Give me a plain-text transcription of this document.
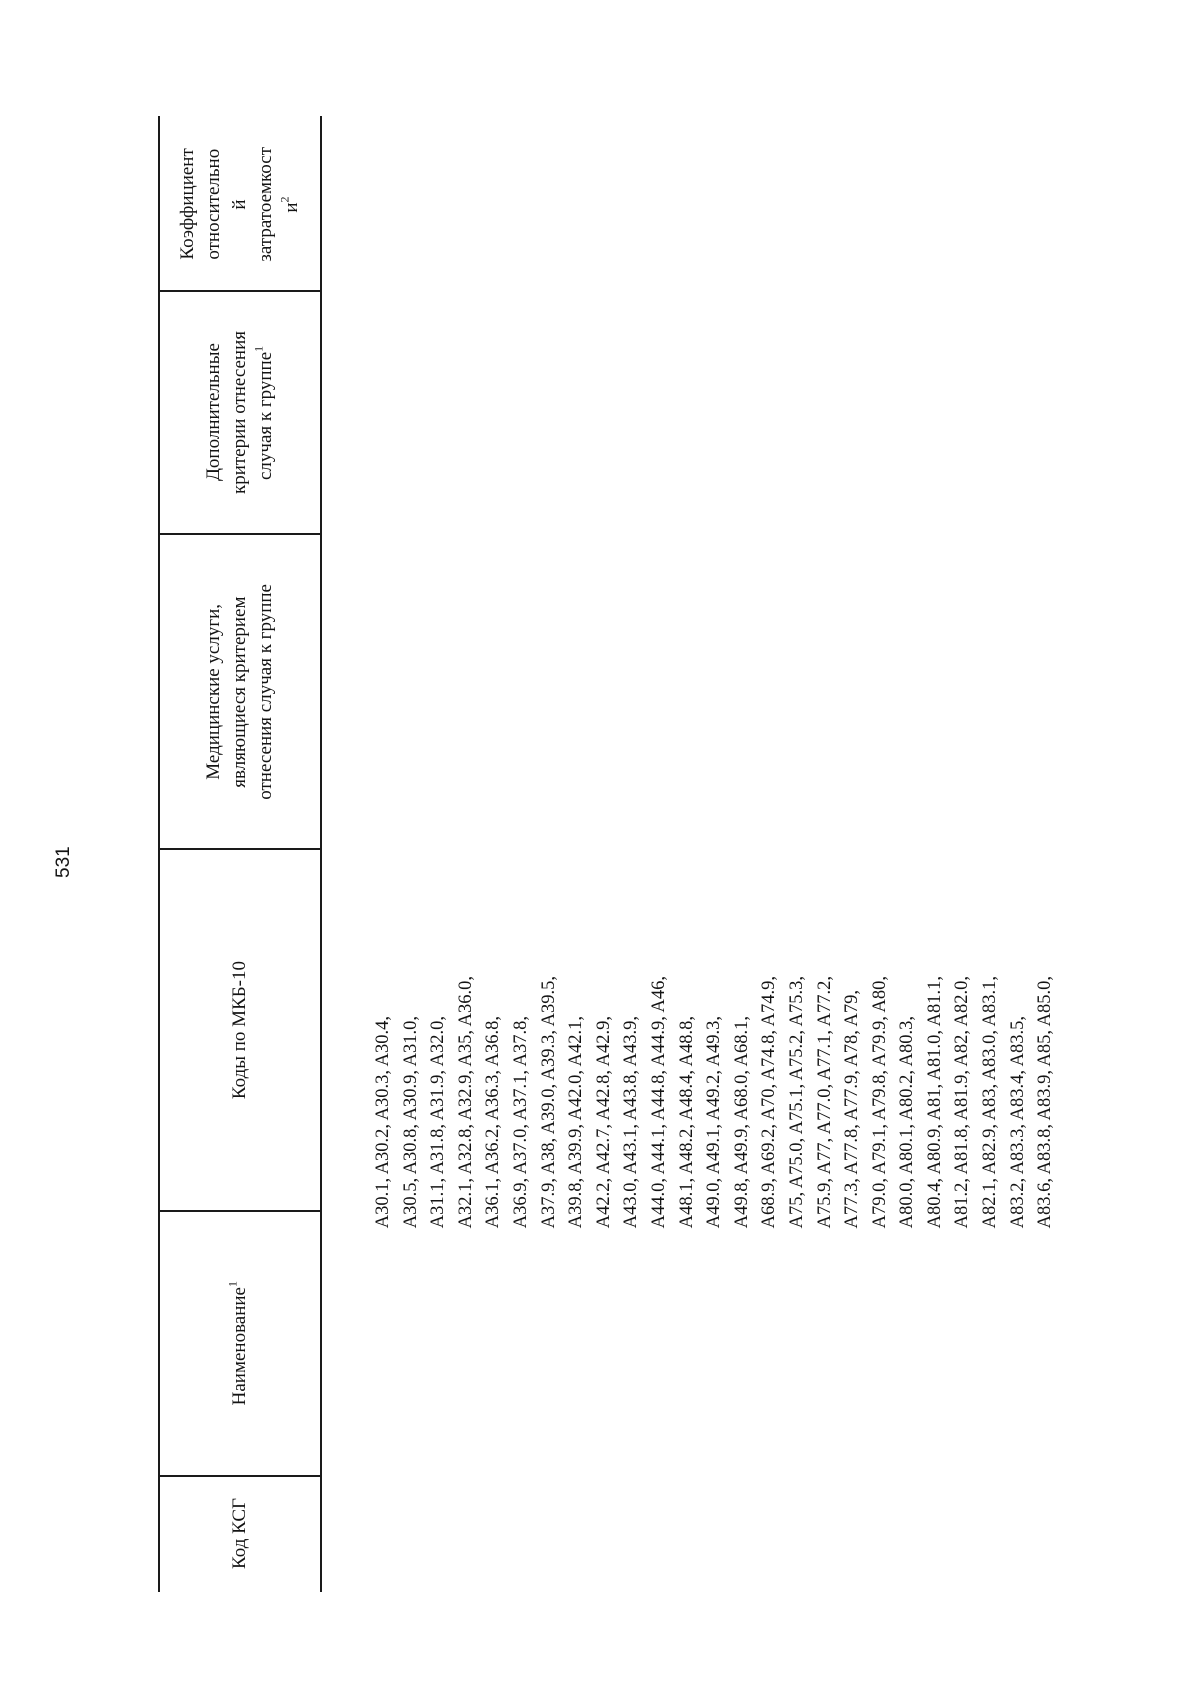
531
Коэффициент
относительно
й
затратоемкост
$и^2$
Дополнительные
критерии отнесения
случая к группе$^1$
Медицинские услуги,
являющиеся критерием
отнесения случая к группе
Коды по МКБ-10
Наименование$^1$
Код КСГ
A30.1, A30.2, A30.3, A30.4, A30.5, A30.8, A30.9, A31.0, A31.1, A31.8, A31.9, A32.0, A32.1, A32.8, A32.9, A35, A36.0, A36.1, A36.2, A36.3, A36.8, A36.9, A37.0, A37.1, A37.8, A37.9, A38, A39.0, A39.3, A39.5, A39.8, A39.9, A42.0, A42.1, A42.2, A42.7, A42.8, A42.9, A43.0, A43.1, A43.8, A43.9, A44.0, A44.1, A44.8, A44.9, A46, A48.1, A48.2, A48.4, A48.8, A49.0, A49.1, A49.2, A49.3, A49.8, A49.9, A68.0, A68.1, A68.9, A69.2, A70, A74.8, A74.9, A75, A75.0, A75.1, A75.2, A75.3, A75.9, A77, A77.0, A77.1, A77.2, A77.3, A77.8, A77.9, A78, A79, A79.0, A79.1, A79.8, A79.9, A80, A80.0, A80.1, A80.2, A80.3, A80.4, A80.9, A81, A81.0, A81.1, A81.2, A81.8, A81.9, A82, A82.0, A82.1, A82.9, A83, A83.0, A83.1, A83.2, A83.3, A83.4, A83.5, A83.6, A83.8, A83.9, A85, A85.0,
